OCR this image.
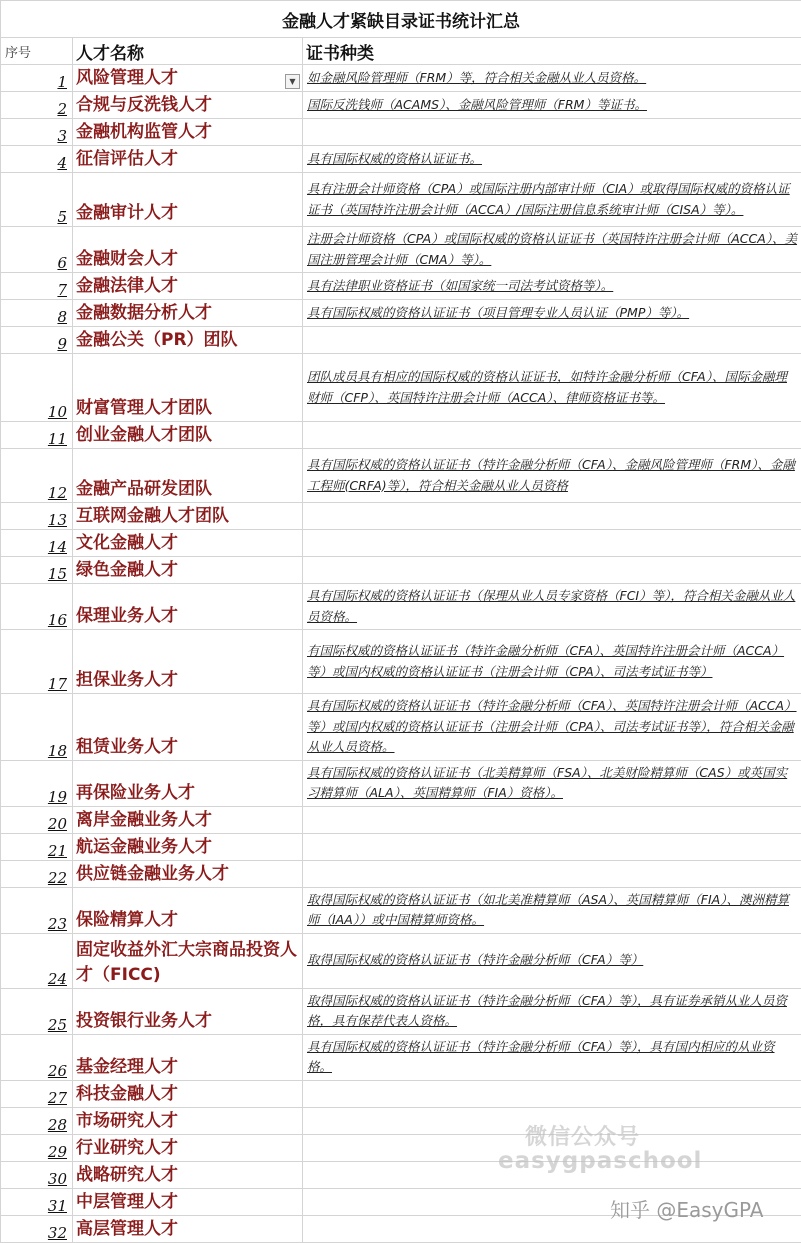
金融人才紧缺目录证书统计汇总		
序号	人才名称	证书种类
1	风险管理人才 ▼	如金融风险管理师（FRM）等，符合相关金融从业人员资格。
2	合规与反洗钱人才	国际反洗钱师（ACAMS）、金融风险管理师（FRM）等证书。
3	金融机构监管人才	
4	征信评估人才	具有国际权威的资格认证证书。
5	金融审计人才	具有注册会计师资格（CPA）或国际注册内部审计师（CIA）或取得国际权威的资格认证证书（英国特许注册会计师（ACCA）/国际注册信息系统审计师（CISA）等）。
6	金融财会人才	注册会计师资格（CPA）或国际权威的资格认证证书（英国特许注册会计师（ACCA）、美国注册管理会计师（CMA）等）。
7	金融法律人才	具有法律职业资格证书（如国家统一司法考试资格等）。
8	金融数据分析人才	具有国际权威的资格认证证书（项目管理专业人员认证（PMP）等）。
9	金融公关（PR）团队	
10	财富管理人才团队	团队成员具有相应的国际权威的资格认证证书，如特许金融分析师（CFA）、国际金融理财师（CFP）、英国特许注册会计师（ACCA）、律师资格证书等。
11	创业金融人才团队	
12	金融产品研发团队	具有国际权威的资格认证证书（特许金融分析师（CFA）、金融风险管理师（FRM）、金融工程师(CRFA)等），符合相关金融从业人员资格
13	互联网金融人才团队	
14	文化金融人才	
15	绿色金融人才	
16	保理业务人才	具有国际权威的资格认证证书（保理从业人员专家资格（FCI）等），符合相关金融从业人员资格。
17	担保业务人才	有国际权威的资格认证证书（特许金融分析师（CFA）、英国特许注册会计师（ACCA）等）或国内权威的资格认证证书（注册会计师（CPA）、司法考试证书等）
18	租赁业务人才	具有国际权威的资格认证证书（特许金融分析师（CFA）、英国特许注册会计师（ACCA）等）或国内权威的资格认证证书（注册会计师（CPA）、司法考试证书等），符合相关金融从业人员资格。
19	再保险业务人才	具有国际权威的资格认证证书（北美精算师（FSA）、北美财险精算师（CAS）或英国实习精算师（ALA）、英国精算师（FIA）资格）。
20	离岸金融业务人才	
21	航运金融业务人才	
22	供应链金融业务人才	
23	保险精算人才	取得国际权威的资格认证证书（如北美准精算师（ASA）、英国精算师（FIA）、澳洲精算师（IAA））或中国精算师资格。
24	固定收益外汇大宗商品投资人才（FICC)	取得国际权威的资格认证证书（特许金融分析师（CFA）等）
25	投资银行业务人才	取得国际权威的资格认证证书（特许金融分析师（CFA）等），具有证券承销从业人员资格，具有保荐代表人资格。
26	基金经理人才	具有国际权威的资格认证证书（特许金融分析师（CFA）等），具有国内相应的从业资格。
27	科技金融人才	
28	市场研究人才	
29	行业研究人才	
30	战略研究人才	
31	中层管理人才	
32	高层管理人才	
微信公众号
easygpaschool
知乎 @EasyGPA
